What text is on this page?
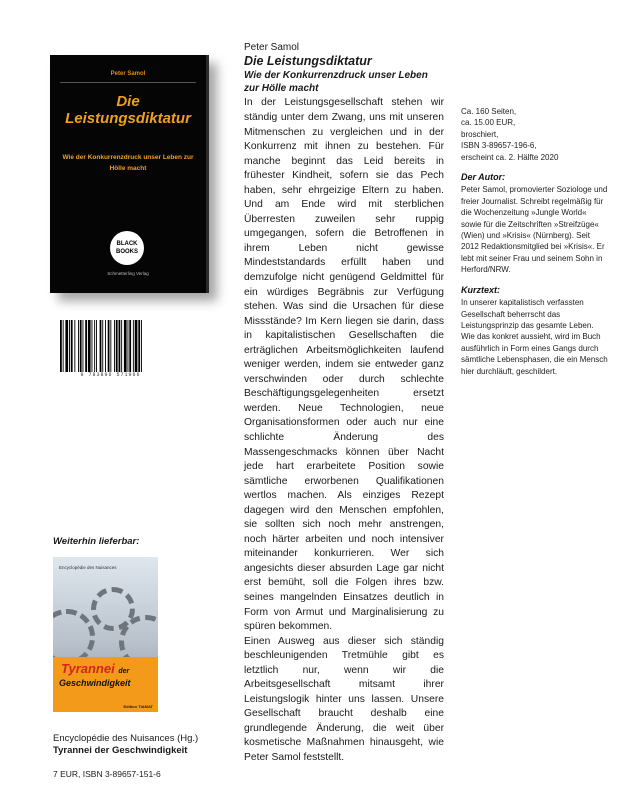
Peter Samol
Die
Leistungsdiktatur
Wie der Konkurrenzdruck unser Leben zur Hölle macht
BLACK
BOOKS
Schmetterling Verlag
9 783896 571966
Peter Samol
Die Leistungsdiktatur
Wie der Konkurrenzdruck unser Leben zur Hölle macht

In der Leistungsgesellschaft stehen wir ständig unter dem Zwang, uns mit unseren Mitmenschen zu vergleichen und in der Konkurrenz mit ihnen zu bestehen. Für manche beginnt das Leid bereits in frühester Kindheit, sofern sie das Pech haben, sehr ehrgeizige Eltern zu haben. Und am Ende wird mit sterblichen Überresten zuweilen sehr ruppig umgegangen, sofern die Betroffenen in ihrem Leben nicht gewisse Mindeststandards erfüllt haben und demzufolge nicht genügend Geldmittel für ein würdiges Begräbnis zur Verfügung stehen. Was sind die Ursachen für diese Missstände? Im Kern liegen sie darin, dass in kapitalistischen Gesellschaften die erträglichen Arbeitsmöglichkeiten laufend weniger werden, indem sie entweder ganz verschwinden oder durch schlechte Beschäftigungsgelegenheiten ersetzt werden. Neue Technologien, neue Organisationsformen oder auch nur eine schlichte Änderung des Massengeschmacks können über Nacht jede hart erarbeitete Position sowie sämtliche erworbenen Qualifikationen wertlos machen. Als einziges Rezept dagegen wird den Menschen empfohlen, sie sollten sich noch mehr anstrengen, noch härter arbeiten und noch intensiver miteinander konkurrieren. Wer sich angesichts dieser absurden Lage gar nicht erst bemüht, soll die Folgen ihres bzw. seines mangelnden Einsatzes deutlich in Form von Armut und Marginalisierung zu spüren bekommen.

Einen Ausweg aus dieser sich ständig beschleunigenden Tretmühle gibt es letztlich nur, wenn wir die Arbeitsgesellschaft mitsamt ihrer Leistungslogik hinter uns lassen. Unsere Gesellschaft braucht deshalb eine grundlegende Änderung, die weit über kosmetische Maßnahmen hinausgeht, wie Peter Samol feststellt.

Ca. 160 Seiten,
ca. 15.00 EUR,
broschiert,
ISBN 3-89657-196-6,
erscheint ca. 2. Hälfte 2020
Der Autor:

Peter Samol, promovierter Soziologe und freier Journalist. Schreibt regelmäßig für die Wochenzeitung »Jungle World« sowie für die Zeitschriften »Streifzüge« (Wien) und »Krisis« (Nürnberg). Seit 2012 Redaktionsmitglied bei »Krisis«. Er lebt mit seiner Frau und seinem Sohn in Herford/NRW.

Kurztext:

In unserer kapitalistisch verfassten Gesellschaft beherrscht das Leistungsprinzip das gesamte Leben. Wie das konkret aussieht, wird im Buch ausführlich in Form eines Gangs durch sämtliche Lebensphasen, die ein Mensch hier durchläuft, geschildert.

Weiterhin lieferbar:
Encyclopédie des Nuisances
Tyrannei der
Geschwindigkeit
Edition TIAMAT
Encyclopédie des Nuisances (Hg.)
Tyrannei der Geschwindigkeit
7 EUR, ISBN 3-89657-151-6
